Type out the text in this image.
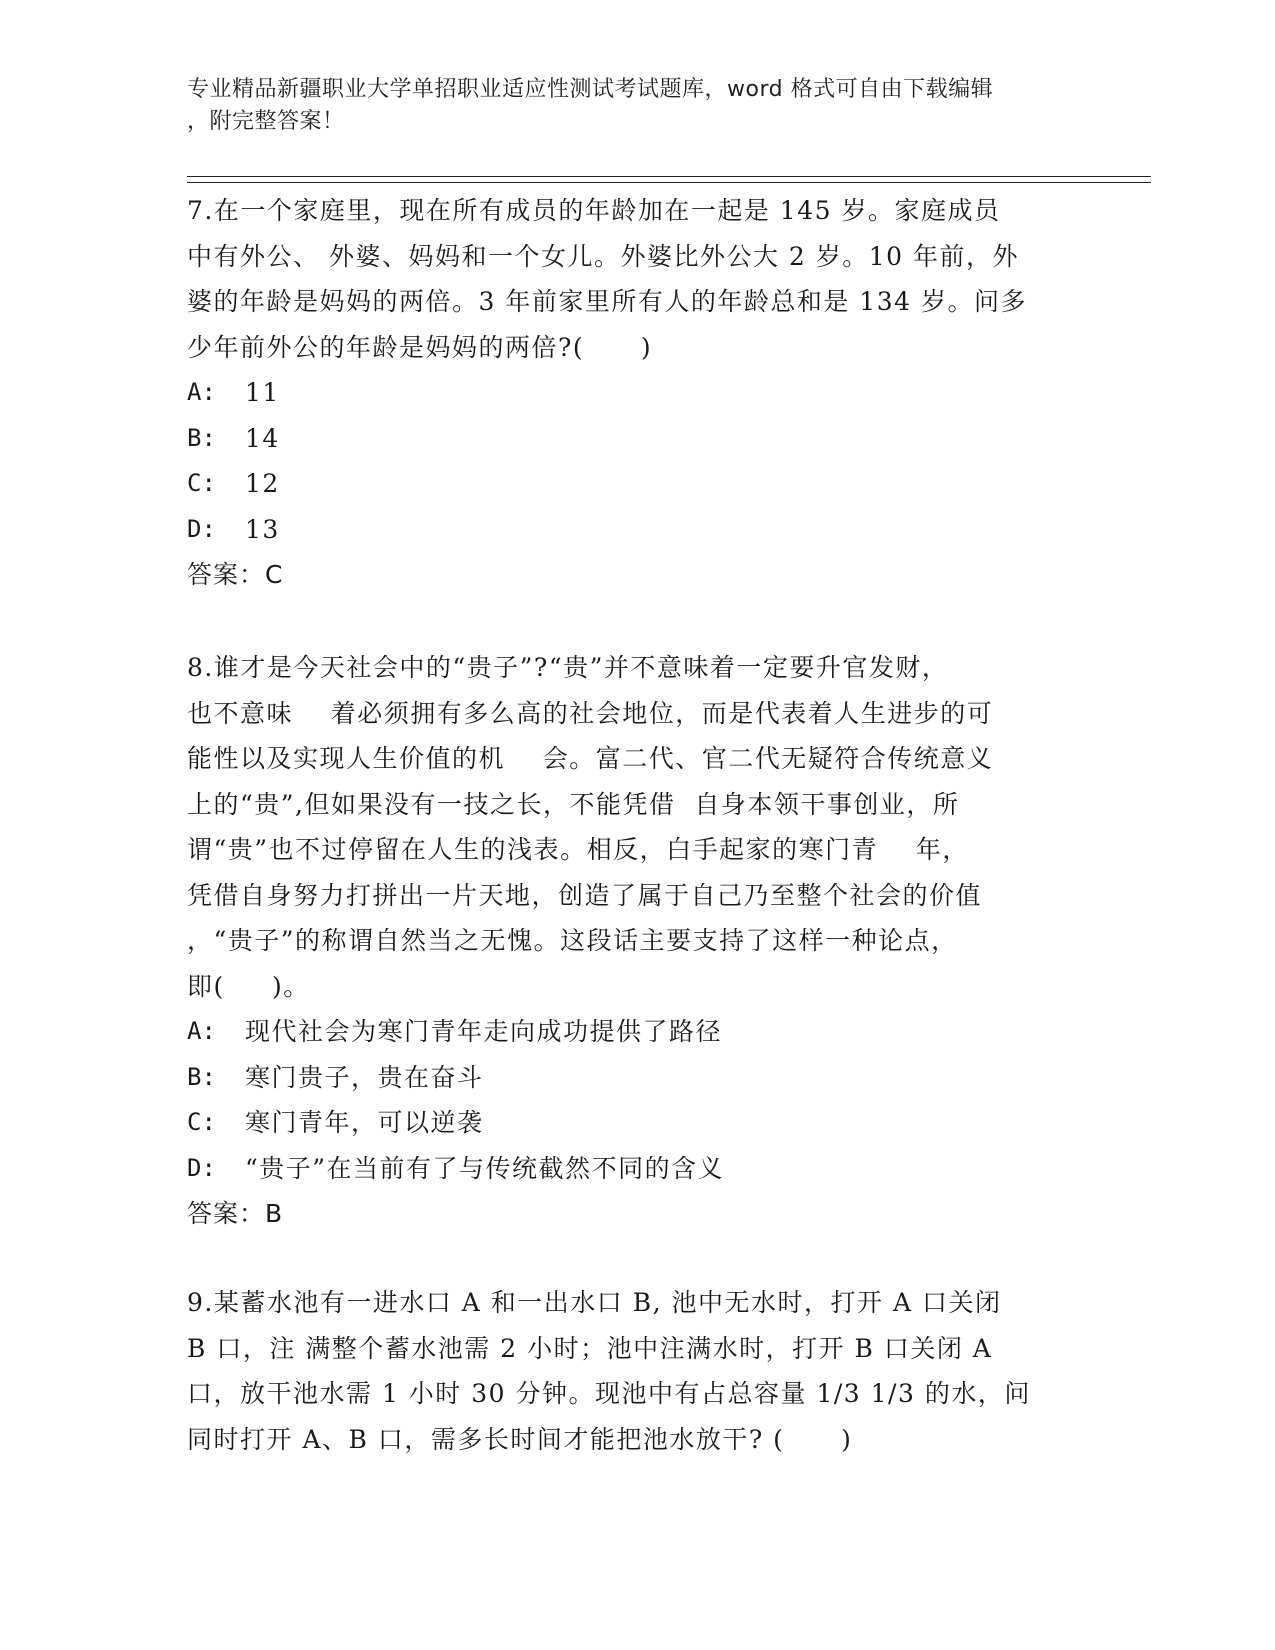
专业精品新疆职业大学单招职业适应性测试考试题库，word 格式可自由下载编辑
，附完整答案！
7.在一个家庭里，现在所有成员的年龄加在一起是 145 岁。家庭成员
中有外公、 外婆、妈妈和一个女儿。外婆比外公大 2 岁。10 年前，外
婆的年龄是妈妈的两倍。3 年前家里所有人的年龄总和是 134 岁。问多
少年前外公的年龄是妈妈的两倍?(      )
A:	11
B:	14
C:	12
D:	13
答案：C
8.谁才是今天社会中的“贵子”?“贵”并不意味着一定要升官发财，
也不意味    着必须拥有多么高的社会地位，而是代表着人生进步的可
能性以及实现人生价值的机    会。富二代、官二代无疑符合传统意义
上的“贵”,但如果没有一技之长，不能凭借  自身本领干事创业，所
谓“贵”也不过停留在人生的浅表。相反，白手起家的寒门青    年，
凭借自身努力打拼出一片天地，创造了属于自己乃至整个社会的价值
，“贵子”的称谓自然当之无愧。这段话主要支持了这样一种论点，
即(     )。
A:	现代社会为寒门青年走向成功提供了路径
B:	寒门贵子，贵在奋斗
C:	寒门青年，可以逆袭
D:	“贵子”在当前有了与传统截然不同的含义
答案：B
9.某蓄水池有一进水口 A 和一出水口 B, 池中无水时，打开 A 口关闭
B 口，注 满整个蓄水池需 2 小时；池中注满水时，打开 B 口关闭 A
口，放干池水需 1 小时 30 分钟。现池中有占总容量 1/3 1/3 的水，问
同时打开 A、B 口，需多长时间才能把池水放干? (      )
